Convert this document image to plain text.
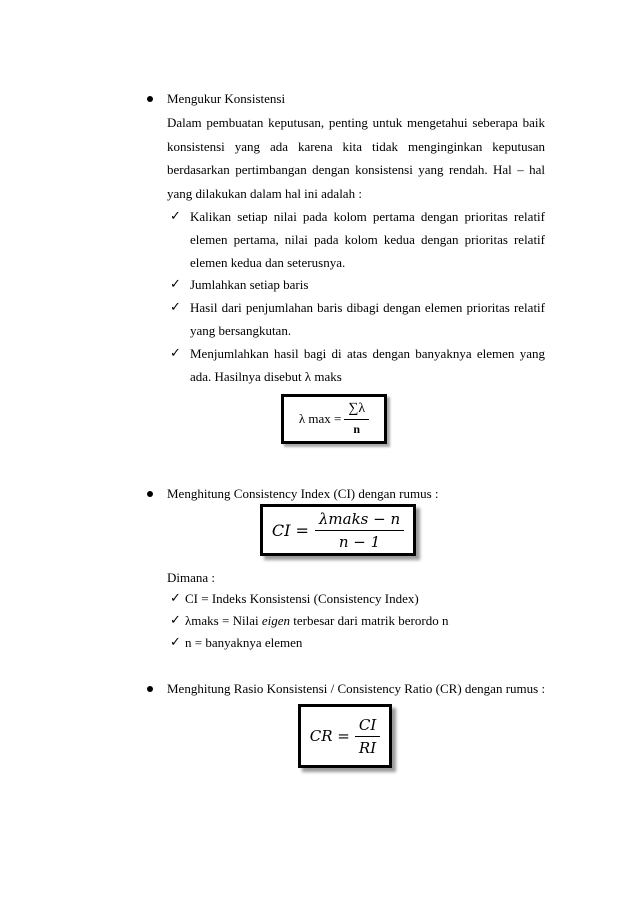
Mengukur Konsistensi
Dalam pembuatan keputusan, penting untuk mengetahui seberapa baik
konsistensi yang ada karena kita tidak menginginkan keputusan
berdasarkan pertimbangan dengan konsistensi yang rendah. Hal – hal
yang dilakukan dalam hal ini adalah :
✓ Kalikan setiap nilai pada kolom pertama dengan prioritas relatif
elemen pertama, nilai pada kolom kedua dengan prioritas relatif
elemen kedua dan seterusnya.
✓ Jumlahkan setiap baris
✓ Hasil dari penjumlahan baris dibagi dengan elemen prioritas relatif
yang bersangkutan.
✓ Menjumlahkan hasil bagi di atas dengan banyaknya elemen yang
ada. Hasilnya disebut λ maks
λ $\max = \frac{\sum\lambda}{n}$
Menghitung Consistency Index (CI) dengan rumus :
CI = $\frac{\text{λmaks − n}}{n - 1}$
Dimana :
✓ CI = Indeks Konsistensi (Consistency Index)
✓ λmaks = Nilai eigen terbesar dari matrik berordo n
✓ n = banyaknya elemen
Menghitung Rasio Konsistensi / Consistency Ratio (CR) dengan rumus :
CR = $\frac{CI}{RI}$
